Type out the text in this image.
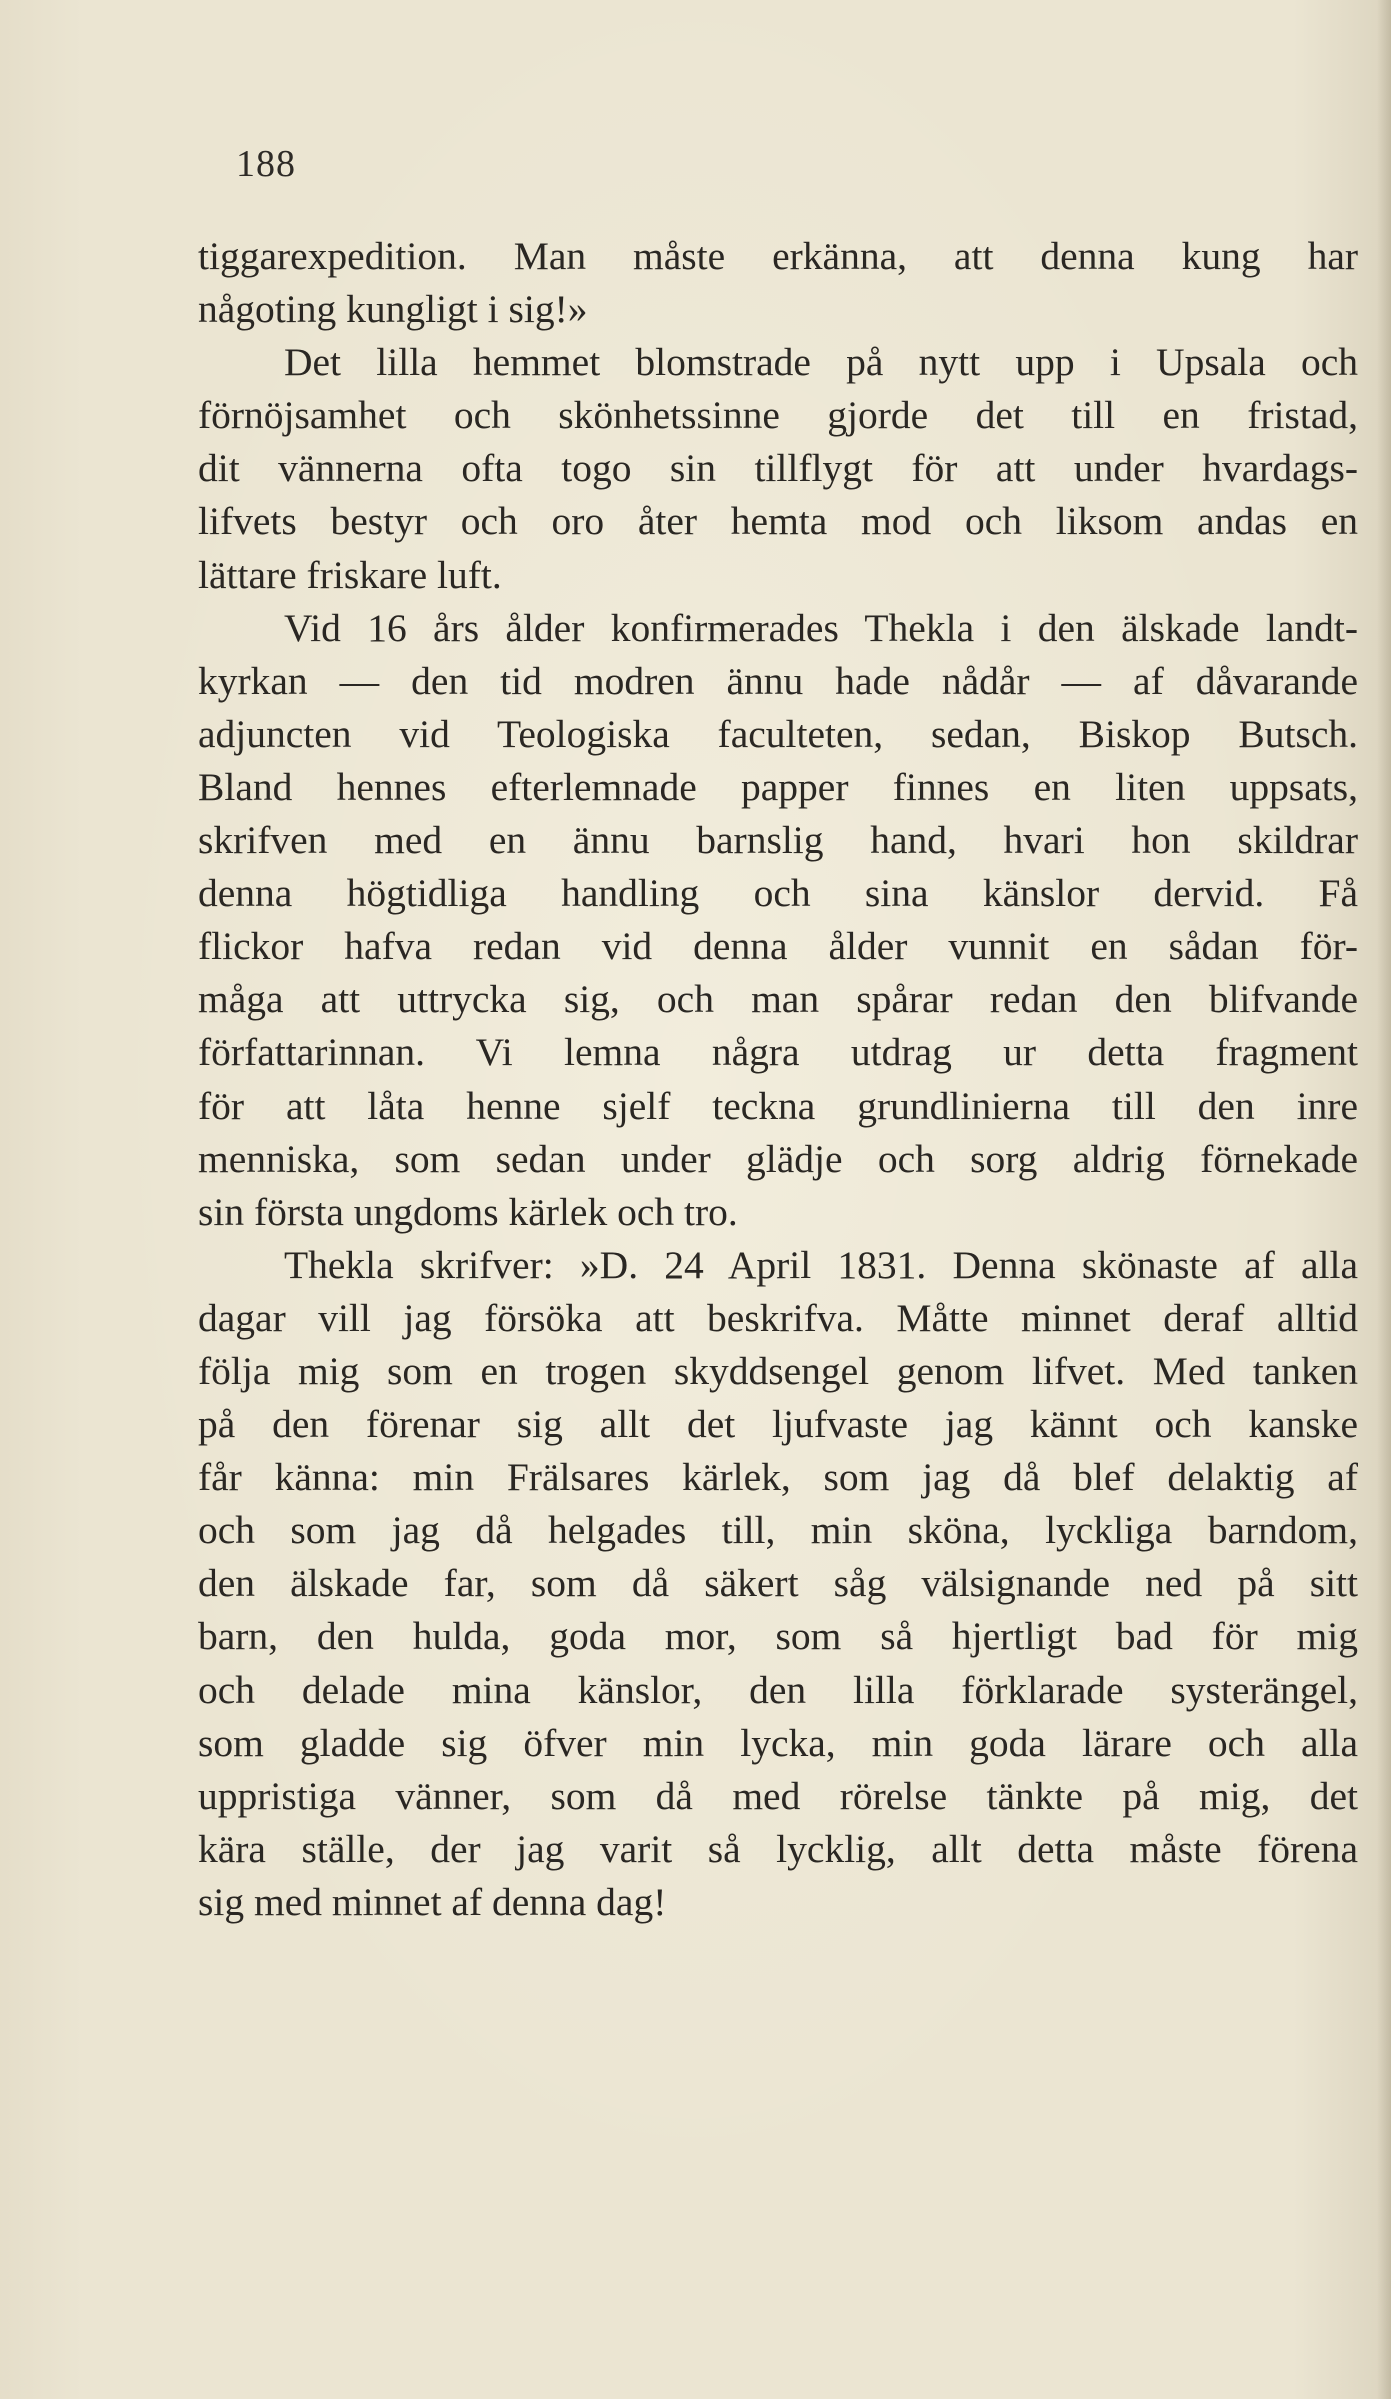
188
tiggarexpedition. Man måste erkänna, att denna kung har
någoting kungligt i sig!»
Det lilla hemmet blomstrade på nytt upp i Upsala och
förnöjsamhet och skönhetssinne gjorde det till en fristad,
dit vännerna ofta togo sin tillflygt för att under hvardags-
lifvets bestyr och oro åter hemta mod och liksom andas en
lättare friskare luft.
Vid 16 års ålder konfirmerades Thekla i den älskade landt-
kyrkan — den tid modren ännu hade nådår — af dåvarande
adjuncten vid Teologiska faculteten, sedan, Biskop Butsch.
Bland hennes efterlemnade papper finnes en liten uppsats,
skrifven med en ännu barnslig hand, hvari hon skildrar
denna högtidliga handling och sina känslor dervid. Få
flickor hafva redan vid denna ålder vunnit en sådan för-
måga att uttrycka sig, och man spårar redan den blifvande
författarinnan. Vi lemna några utdrag ur detta fragment
för att låta henne sjelf teckna grundlinierna till den inre
menniska, som sedan under glädje och sorg aldrig förnekade
sin första ungdoms kärlek och tro.
Thekla skrifver: »D. 24 April 1831. Denna skönaste af alla
dagar vill jag försöka att beskrifva. Måtte minnet deraf alltid
följa mig som en trogen skyddsengel genom lifvet. Med tanken
på den förenar sig allt det ljufvaste jag kännt och kanske
får känna: min Frälsares kärlek, som jag då blef delaktig af
och som jag då helgades till, min sköna, lyckliga barndom,
den älskade far, som då säkert såg välsignande ned på sitt
barn, den hulda, goda mor, som så hjertligt bad för mig
och delade mina känslor, den lilla förklarade systerängel,
som gladde sig öfver min lycka, min goda lärare och alla
uppristiga vänner, som då med rörelse tänkte på mig, det
kära ställe, der jag varit så lycklig, allt detta måste förena
sig med minnet af denna dag!
